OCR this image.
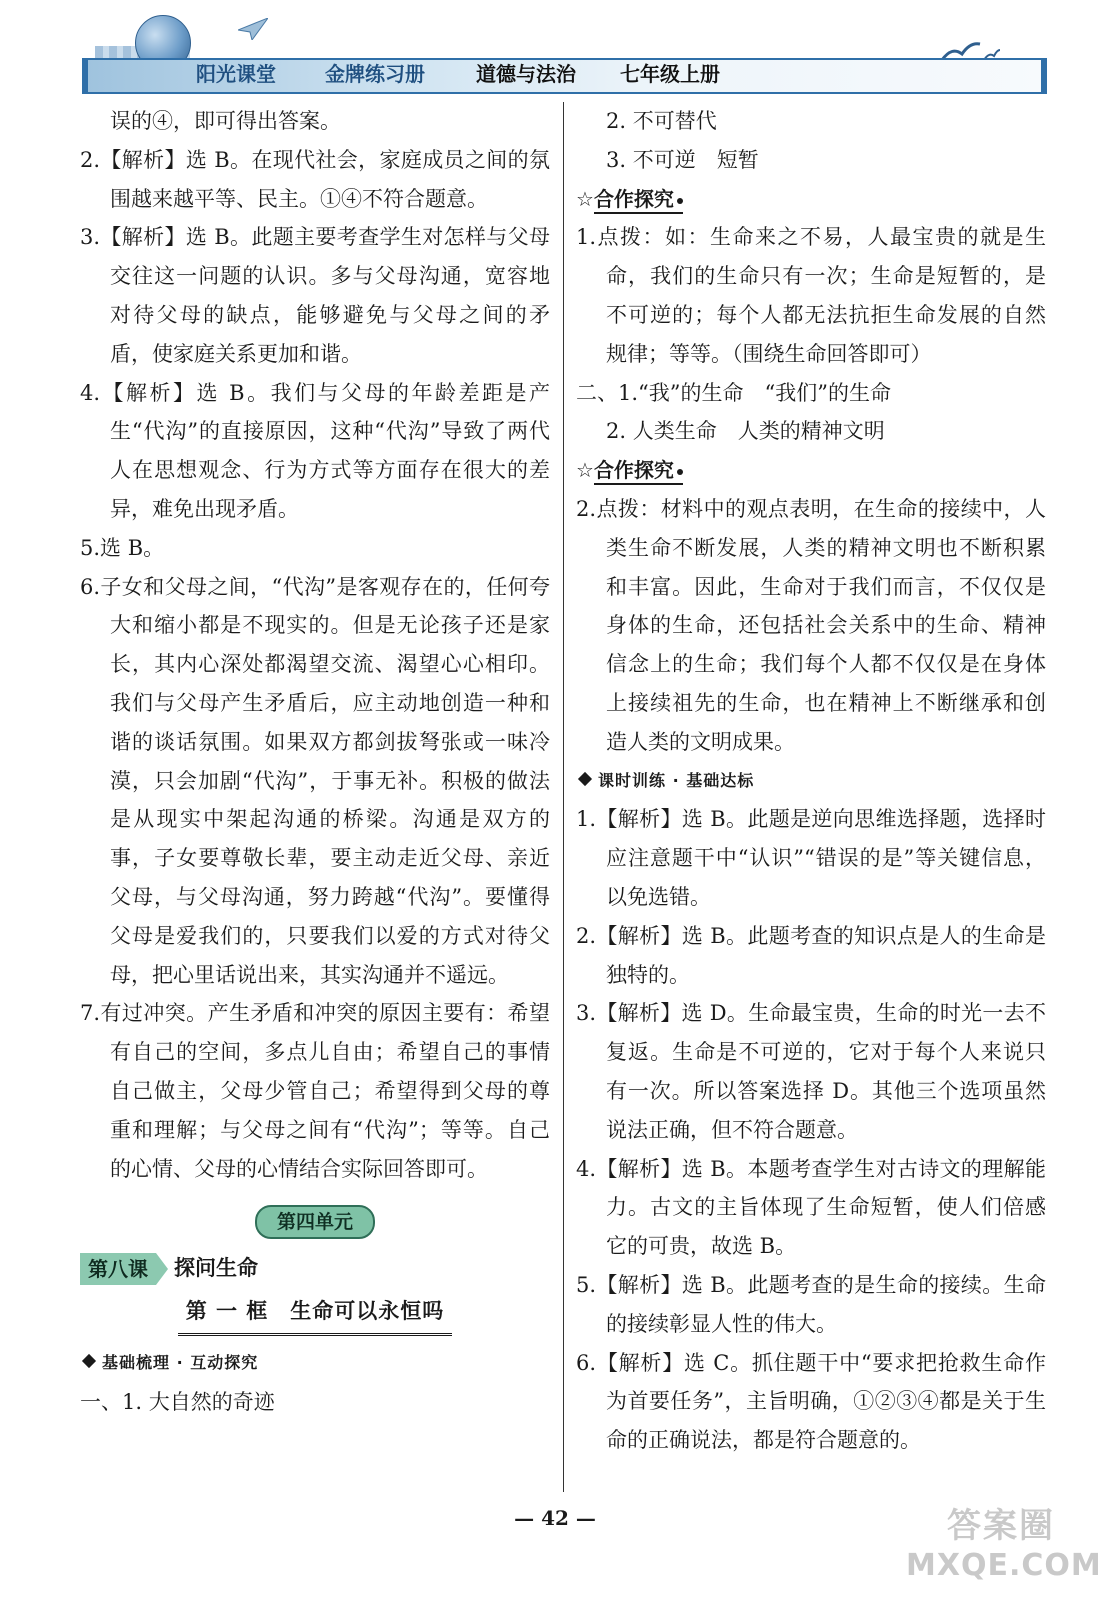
阳光课堂 金牌练习册	道德与法治 七年级上册

误的④，即可得出答案。

2.【解析】选 B。在现代社会，家庭成员之间的氛围越来越平等、民主。①④不符合题意。

3.【解析】选 B。此题主要考查学生对怎样与父母交往这一问题的认识。多与父母沟通，宽容地对待父母的缺点，能够避免与父母之间的矛盾，使家庭关系更加和谐。

4.【解析】选 B。我们与父母的年龄差距是产生“代沟”的直接原因，这种“代沟”导致了两代人在思想观念、行为方式等方面存在很大的差异，难免出现矛盾。

5.选 B。

6.子女和父母之间，“代沟”是客观存在的，任何夸大和缩小都是不现实的。但是无论孩子还是家长，其内心深处都渴望交流、渴望心心相印。我们与父母产生矛盾后，应主动地创造一种和谐的谈话氛围。如果双方都剑拔弩张或一味冷漠，只会加剧“代沟”，于事无补。积极的做法是从现实中架起沟通的桥梁。沟通是双方的事，子女要尊敬长辈，要主动走近父母、亲近父母，与父母沟通，努力跨越“代沟”。要懂得父母是爱我们的，只要我们以爱的方式对待父母，把心里话说出来，其实沟通并不遥远。

7.有过冲突。产生矛盾和冲突的原因主要有：希望有自己的空间，多点儿自由；希望自己的事情自己做主，父母少管自己；希望得到父母的尊重和理解；与父母之间有“代沟”；等等。自己的心情、父母的心情结合实际回答即可。

第四单元
第八课	探问生命
第 一 框　生命可以永恒吗

基础梳理 · 互动探究

一、1. 大自然的奇迹

2. 不可替代

3. 不可逆　短暂

☆合作探究

1.点拨：如：生命来之不易，人最宝贵的就是生命，我们的生命只有一次；生命是短暂的，是不可逆的；每个人都无法抗拒生命发展的自然规律；等等。（围绕生命回答即可）

二、1.“我”的生命　“我们”的生命

2. 人类生命　人类的精神文明

☆合作探究

2.点拨：材料中的观点表明，在生命的接续中，人类生命不断发展，人类的精神文明也不断积累和丰富。因此，生命对于我们而言，不仅仅是身体的生命，还包括社会关系中的生命、精神信念上的生命；我们每个人都不仅仅是在身体上接续祖先的生命，也在精神上不断继承和创造人类的文明成果。

课时训练 · 基础达标

1.【解析】选 B。此题是逆向思维选择题，选择时应注意题干中“认识”“错误的是”等关键信息，以免选错。

2.【解析】选 B。此题考查的知识点是人的生命是独特的。

3.【解析】选 D。生命最宝贵，生命的时光一去不复返。生命是不可逆的，它对于每个人来说只有一次。所以答案选择 D。其他三个选项虽然说法正确，但不符合题意。

4.【解析】选 B。本题考查学生对古诗文的理解能力。古文的主旨体现了生命短暂，使人们倍感它的可贵，故选 B。

5.【解析】选 B。此题考查的是生命的接续。生命的接续彰显人性的伟大。

6.【解析】选 C。抓住题干中“要求把抢救生命作为首要任务”，主旨明确，①②③④都是关于生命的正确说法，都是符合题意的。

— 42 —	答案圈
MXQE.COM
